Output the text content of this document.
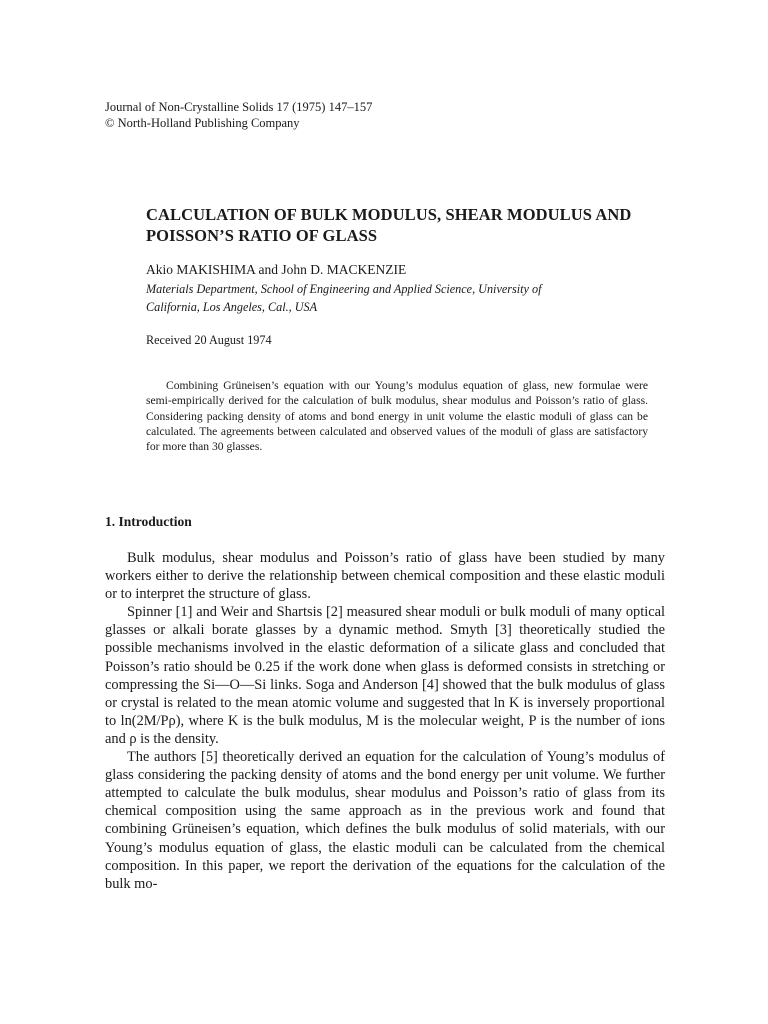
Journal of Non-Crystalline Solids 17 (1975) 147–157
© North-Holland Publishing Company
CALCULATION OF BULK MODULUS, SHEAR MODULUS AND
POISSON’S RATIO OF GLASS
Akio MAKISHIMA and John D. MACKENZIE
Materials Department, School of Engineering and Applied Science, University of
California, Los Angeles, Cal., USA
Received 20 August 1974
Combining Grüneisen’s equation with our Young’s modulus equation of glass, new formulae were semi-empirically derived for the calculation of bulk modulus, shear modulus and Poisson’s ratio of glass. Considering packing density of atoms and bond energy in unit volume the elastic moduli of glass can be calculated. The agreements between calculated and observed values of the moduli of glass are satisfactory for more than 30 glasses.
1. Introduction

Bulk modulus, shear modulus and Poisson’s ratio of glass have been studied by many workers either to derive the relationship between chemical composition and these elastic moduli or to interpret the structure of glass.

Spinner [1] and Weir and Shartsis [2] measured shear moduli or bulk moduli of many optical glasses or alkali borate glasses by a dynamic method. Smyth [3] theoretically studied the possible mechanisms involved in the elastic deformation of a silicate glass and concluded that Poisson’s ratio should be 0.25 if the work done when glass is deformed consists in stretching or compressing the Si—O—Si links. Soga and Anderson [4] showed that the bulk modulus of glass or crystal is related to the mean atomic volume and suggested that ln K is inversely proportional to ln(2M/Pρ), where K is the bulk modulus, M is the molecular weight, P is the number of ions and ρ is the density.

The authors [5] theoretically derived an equation for the calculation of Young’s modulus of glass considering the packing density of atoms and the bond energy per unit volume. We further attempted to calculate the bulk modulus, shear modulus and Poisson’s ratio of glass from its chemical composition using the same approach as in the previous work and found that combining Grüneisen’s equation, which defines the bulk modulus of solid materials, with our Young’s modulus equation of glass, the elastic moduli can be calculated from the chemical composition. In this paper, we report the derivation of the equations for the calculation of the bulk mo-
